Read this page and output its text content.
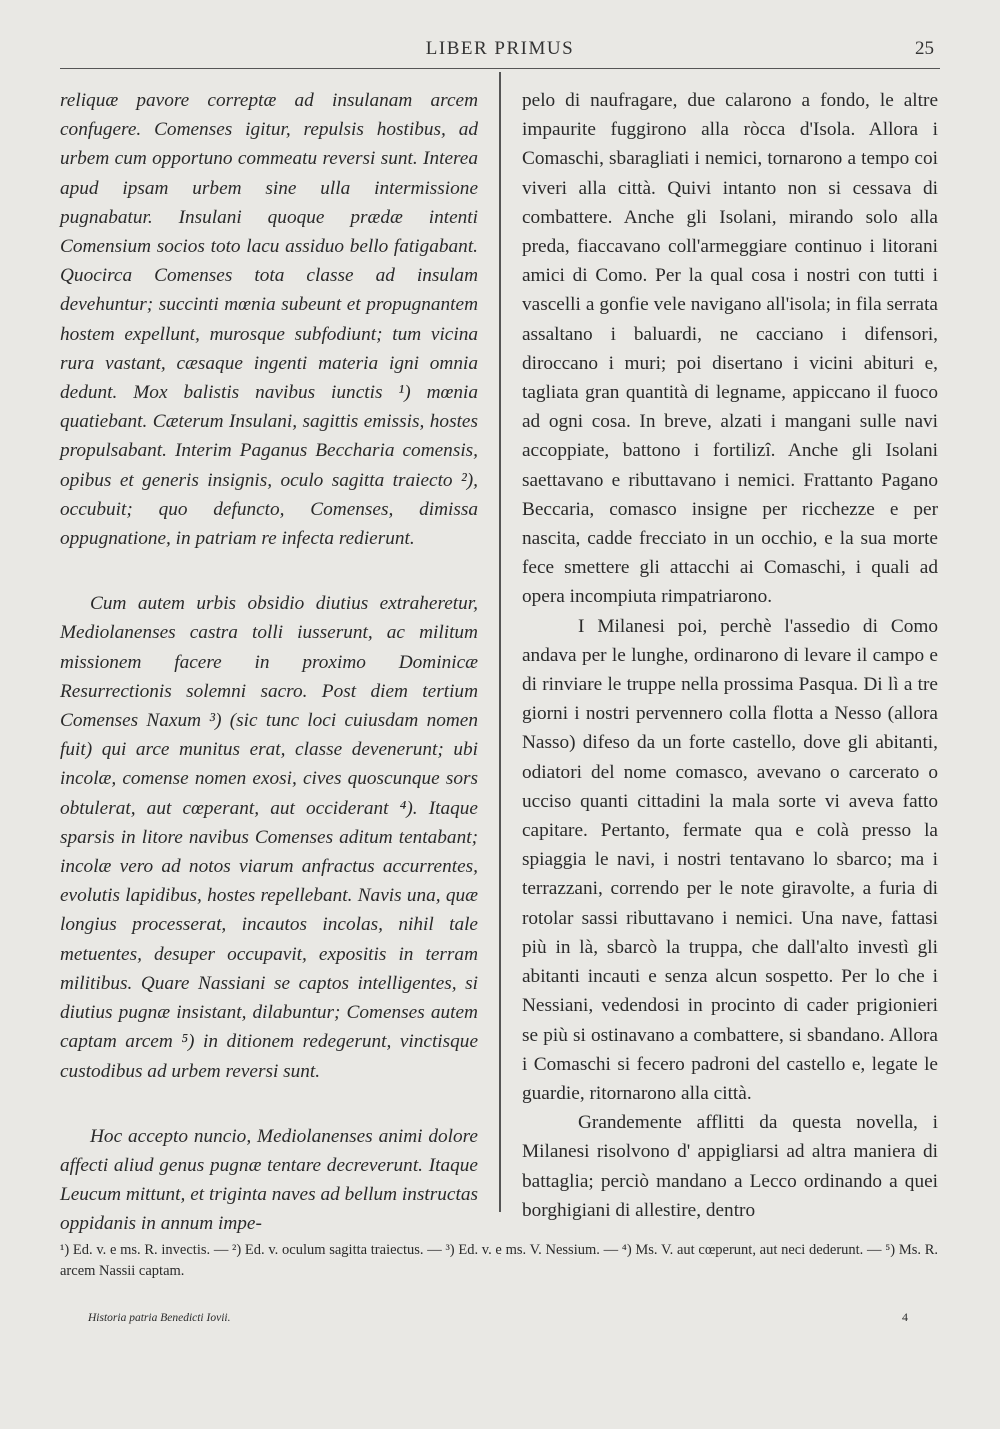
LIBER PRIMUS	25

reliquæ pavore correptæ ad insulanam arcem confugere. Comenses igitur, repulsis hostibus, ad urbem cum opportuno commeatu reversi sunt. Interea apud ipsam urbem sine ulla intermissione pugnabatur. Insulani quoque prædæ intenti Comensium socios toto lacu assiduo bello fatigabant. Quocirca Comenses tota classe ad insulam devehuntur; succinti mœnia subeunt et propugnantem hostem expellunt, murosque subfodiunt; tum vicina rura vastant, cæsaque ingenti materia igni omnia dedunt. Mox balistis navibus iunctis ¹) mœnia quatiebant. Cæterum Insulani, sagittis emissis, hostes propulsabant. Interim Paganus Beccharia comensis, opibus et generis insignis, oculo sagitta traiecto ²), occubuit; quo defuncto, Comenses, dimissa oppugnatione, in patriam re infecta redierunt.

Cum autem urbis obsidio diutius extraheretur, Mediolanenses castra tolli iusserunt, ac militum missionem facere in proximo Dominicæ Resurrectionis solemni sacro. Post diem tertium Comenses Naxum ³) (sic tunc loci cuiusdam nomen fuit) qui arce munitus erat, classe devenerunt; ubi incolæ, comense nomen exosi, cives quoscunque sors obtulerat, aut cœperant, aut occiderant ⁴). Itaque sparsis in litore navibus Comenses aditum tentabant; incolæ vero ad notos viarum anfractus accurrentes, evolutis lapidibus, hostes repellebant. Navis una, quæ longius processerat, incautos incolas, nihil tale metuentes, desuper occupavit, expositis in terram militibus. Quare Nassiani se captos intelligentes, si diutius pugnæ insistant, dilabuntur; Comenses autem captam arcem ⁵) in ditionem redegerunt, vinctisque custodibus ad urbem reversi sunt.

Hoc accepto nuncio, Mediolanenses animi dolore affecti aliud genus pugnæ tentare decreverunt. Itaque Leucum mittunt, et triginta naves ad bellum instructas oppidanis in annum impe-

pelo di naufragare, due calarono a fondo, le altre impaurite fuggirono alla ròcca d'Isola. Allora i Comaschi, sbaragliati i nemici, tornarono a tempo coi viveri alla città. Quivi intanto non si cessava di combattere. Anche gli Isolani, mirando solo alla preda, fiaccavano coll'armeggiare continuo i litorani amici di Como. Per la qual cosa i nostri con tutti i vascelli a gonfie vele navigano all'isola; in fila serrata assaltano i baluardi, ne cacciano i difensori, diroccano i muri; poi disertano i vicini abituri e, tagliata gran quantità di legname, appiccano il fuoco ad ogni cosa. In breve, alzati i mangani sulle navi accoppiate, battono i fortilizî. Anche gli Isolani saettavano e ributtavano i nemici. Frattanto Pagano Beccaria, comasco insigne per ricchezze e per nascita, cadde frecciato in un occhio, e la sua morte fece smettere gli attacchi ai Comaschi, i quali ad opera incompiuta rimpatriarono.

I Milanesi poi, perchè l'assedio di Como andava per le lunghe, ordinarono di levare il campo e di rinviare le truppe nella prossima Pasqua. Di lì a tre giorni i nostri pervennero colla flotta a Nesso (allora Nasso) difeso da un forte castello, dove gli abitanti, odiatori del nome comasco, avevano o carcerato o ucciso quanti cittadini la mala sorte vi aveva fatto capitare. Pertanto, fermate qua e colà presso la spiaggia le navi, i nostri tentavano lo sbarco; ma i terrazzani, correndo per le note giravolte, a furia di rotolar sassi ributtavano i nemici. Una nave, fattasi più in là, sbarcò la truppa, che dall'alto investì gli abitanti incauti e senza alcun sospetto. Per lo che i Nessiani, vedendosi in procinto di cader prigionieri se più si ostinavano a combattere, si sbandano. Allora i Comaschi si fecero padroni del castello e, legate le guardie, ritornarono alla città.

Grandemente afflitti da questa novella, i Milanesi risolvono d' appigliarsi ad altra maniera di battaglia; perciò mandano a Lecco ordinando a quei borghigiani di allestire, dentro

¹) Ed. v. e ms. R. invectis. — ²) Ed. v. oculum sagitta traiectus. — ³) Ed. v. e ms. V. Nessium. — ⁴) Ms. V. aut cœperunt, aut neci dederunt. — ⁵) Ms. R. arcem Nassii captam.
Historia patria Benedicti Iovii.	4
